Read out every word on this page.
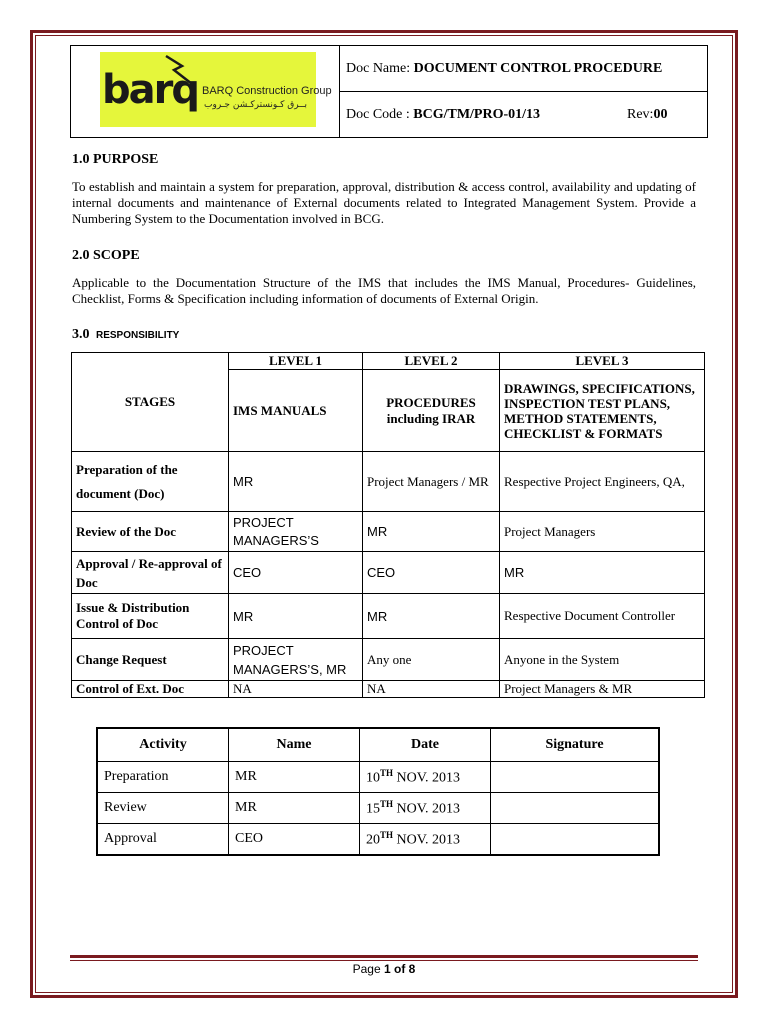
	Doc Name: DOCUMENT CONTROL PROCEDURE	
	Doc Code : BCG/TM/PRO-01/13	Rev:00
barq BARQ Construction Group
بــرق كـونستركـشن جـروب
1.0 PURPOSE
To establish and maintain a system for preparation, approval, distribution & access control, availability and updating of internal documents and maintenance of External documents related to Integrated Management System. Provide a Numbering System to the Documentation involved in BCG.
2.0 SCOPE
Applicable to the Documentation Structure of the IMS that includes the IMS Manual, Procedures- Guidelines, Checklist, Forms & Specification including information of documents of External Origin.
3.0 RESPONSIBILITY
STAGES	LEVEL 1	LEVEL 2	LEVEL 3
	IMS MANUALS	PROCEDURES including IRAR	DRAWINGS, SPECIFICATIONS, INSPECTION TEST PLANS, METHOD STATEMENTS, CHECKLIST & FORMATS
Preparation of the document (Doc)	MR	Project Managers / MR	Respective Project Engineers, QA,
Review of the Doc	PROJECT MANAGERS’S	MR	Project Managers
Approval / Re-approval of Doc	CEO	CEO	MR
Issue & Distribution Control of Doc	MR	MR	Respective Document Controller
Change Request	PROJECT MANAGERS’S, MR	Any one	Anyone in the System
Control of Ext. Doc	NA	NA	Project Managers & MR
Activity	Name	Date	Signature
Preparation	MR	10TH NOV. 2013	
Review	MR	15TH NOV. 2013	
Approval	CEO	20TH NOV. 2013	
Page 1 of 8
